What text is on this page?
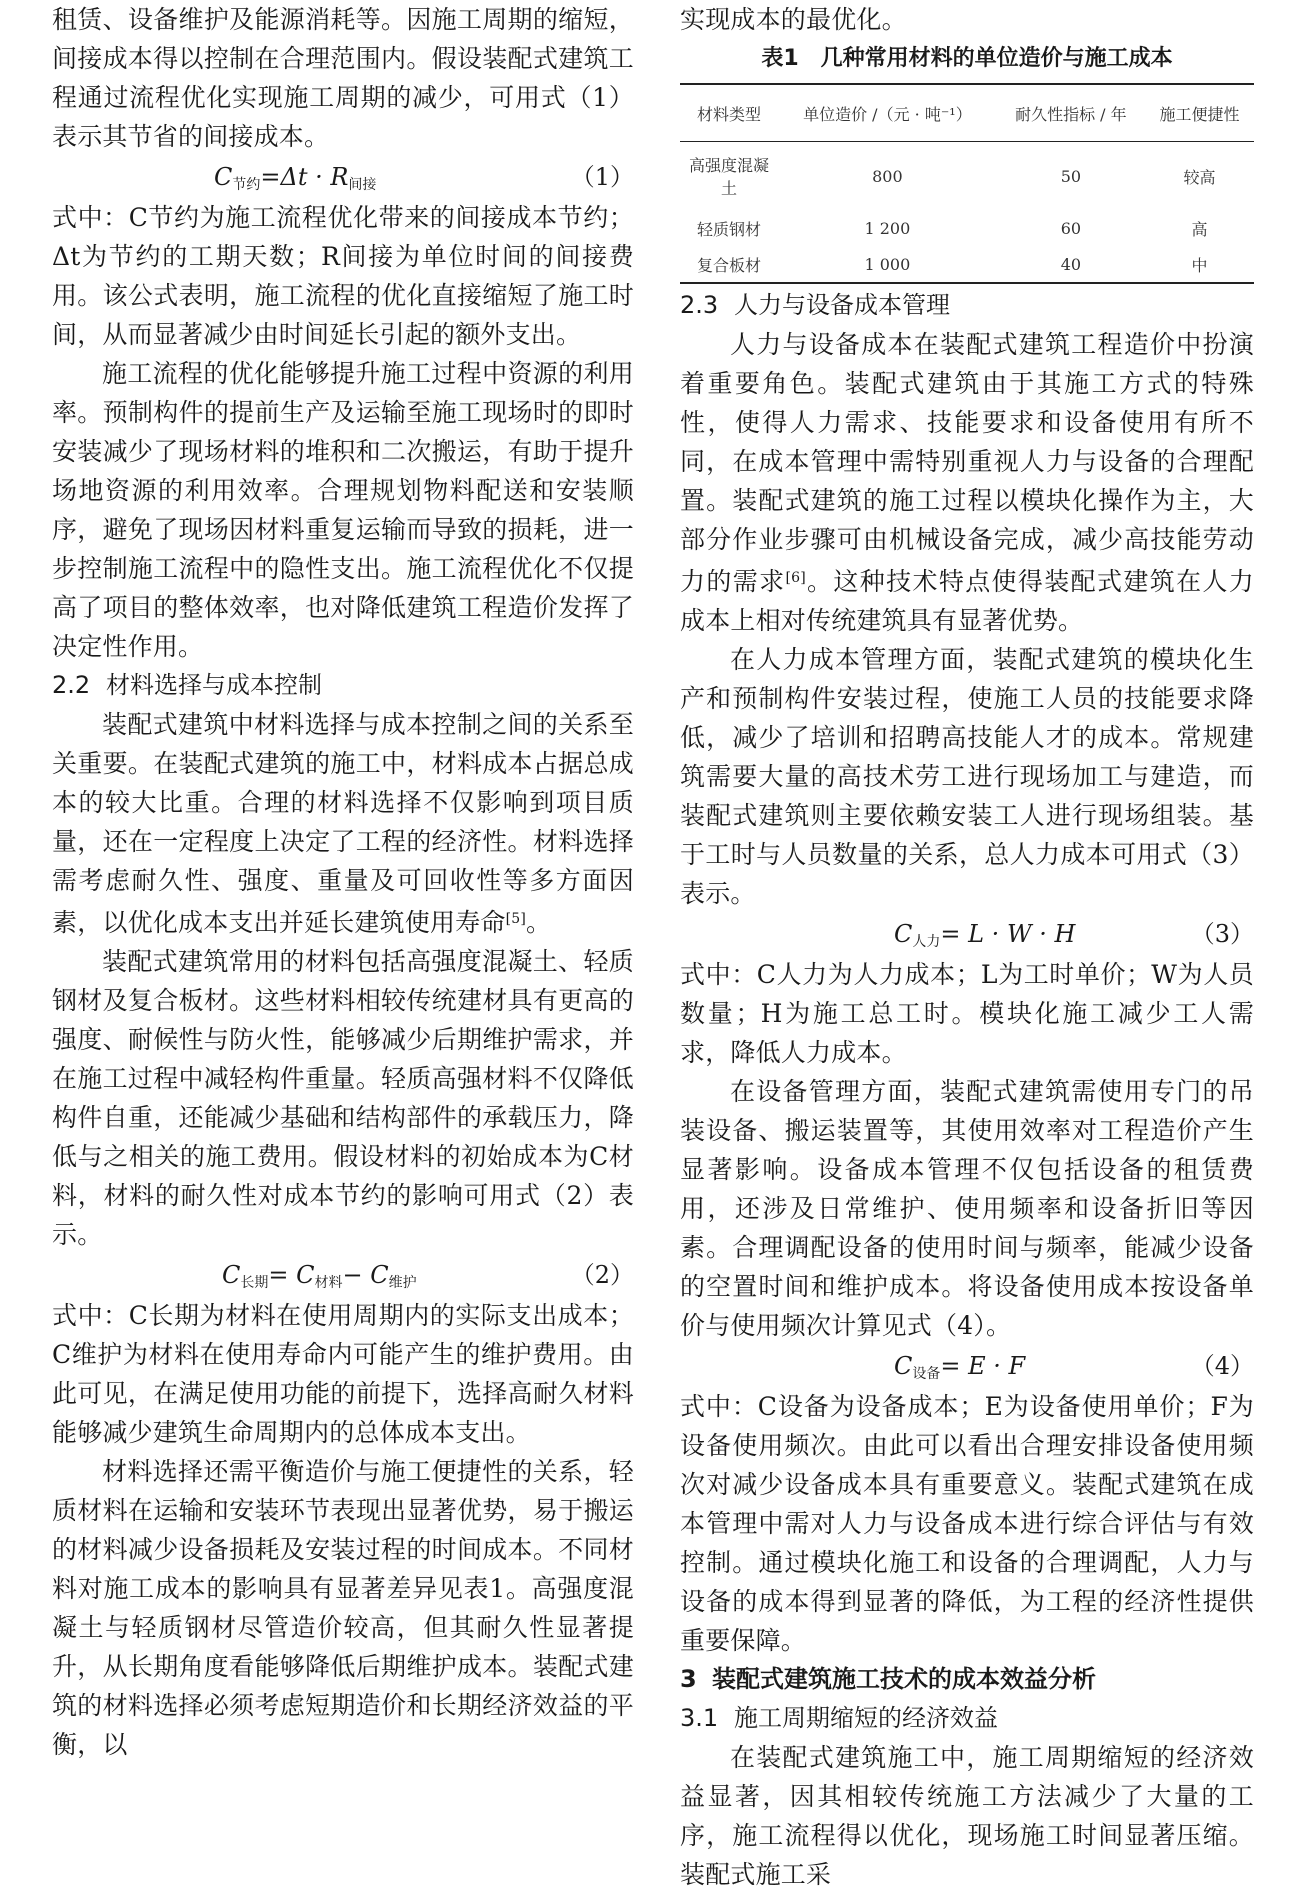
租赁、设备维护及能源消耗等。因施工周期的缩短，间接成本得以控制在合理范围内。假设装配式建筑工程通过流程优化实现施工周期的减少，可用式（1）表示其节省的间接成本。

$C_{节约}=\Delta t \cdot R_{间接}$	（1）

式中：C节约为施工流程优化带来的间接成本节约；Δt为节约的工期天数；R间接为单位时间的间接费用。该公式表明，施工流程的优化直接缩短了施工时间，从而显著减少由时间延长引起的额外支出。

施工流程的优化能够提升施工过程中资源的利用率。预制构件的提前生产及运输至施工现场时的即时安装减少了现场材料的堆积和二次搬运，有助于提升场地资源的利用效率。合理规划物料配送和安装顺序，避免了现场因材料重复运输而导致的损耗，进一步控制施工流程中的隐性支出。施工流程优化不仅提高了项目的整体效率，也对降低建筑工程造价发挥了决定性作用。

2.2 材料选择与成本控制

装配式建筑中材料选择与成本控制之间的关系至关重要。在装配式建筑的施工中，材料成本占据总成本的较大比重。合理的材料选择不仅影响到项目质量，还在一定程度上决定了工程的经济性。材料选择需考虑耐久性、强度、重量及可回收性等多方面因素，以优化成本支出并延长建筑使用寿命[5]。

装配式建筑常用的材料包括高强度混凝土、轻质钢材及复合板材。这些材料相较传统建材具有更高的强度、耐候性与防火性，能够减少后期维护需求，并在施工过程中减轻构件重量。轻质高强材料不仅降低构件自重，还能减少基础和结构部件的承载压力，降低与之相关的施工费用。假设材料的初始成本为C材料，材料的耐久性对成本节约的影响可用式（2）表示。

$C_{长期}= C_{材料}- C_{维护}$	（2）

式中：C长期为材料在使用周期内的实际支出成本；C维护为材料在使用寿命内可能产生的维护费用。由此可见，在满足使用功能的前提下，选择高耐久材料能够减少建筑生命周期内的总体成本支出。

材料选择还需平衡造价与施工便捷性的关系，轻质材料在运输和安装环节表现出显著优势，易于搬运的材料减少设备损耗及安装过程的时间成本。不同材料对施工成本的影响具有显著差异见表1。高强度混凝土与轻质钢材尽管造价较高，但其耐久性显著提升，从长期角度看能够降低后期维护成本。装配式建筑的材料选择必须考虑短期造价和长期经济效益的平衡，以

实现成本的最优化。

表1　几种常用材料的单位造价与施工成本
材料类型	单位造价 /（元 · 吨⁻¹）	耐久性指标 / 年	施工便捷性
高强度混凝土	800	50	较高
轻质钢材	1 200	60	高
复合板材	1 000	40	中
2.3 人力与设备成本管理

人力与设备成本在装配式建筑工程造价中扮演着重要角色。装配式建筑由于其施工方式的特殊性，使得人力需求、技能要求和设备使用有所不同，在成本管理中需特别重视人力与设备的合理配置。装配式建筑的施工过程以模块化操作为主，大部分作业步骤可由机械设备完成，减少高技能劳动力的需求[6]。这种技术特点使得装配式建筑在人力成本上相对传统建筑具有显著优势。

在人力成本管理方面，装配式建筑的模块化生产和预制构件安装过程，使施工人员的技能要求降低，减少了培训和招聘高技能人才的成本。常规建筑需要大量的高技术劳工进行现场加工与建造，而装配式建筑则主要依赖安装工人进行现场组装。基于工时与人员数量的关系，总人力成本可用式（3）表示。

$C_{人力}= L \cdot W \cdot H$	（3）

式中：C人力为人力成本；L为工时单价；W为人员数量；H为施工总工时。模块化施工减少工人需求，降低人力成本。

在设备管理方面，装配式建筑需使用专门的吊装设备、搬运装置等，其使用效率对工程造价产生显著影响。设备成本管理不仅包括设备的租赁费用，还涉及日常维护、使用频率和设备折旧等因素。合理调配设备的使用时间与频率，能减少设备的空置时间和维护成本。将设备使用成本按设备单价与使用频次计算见式（4）。

$C_{设备}= E \cdot F$	（4）

式中：C设备为设备成本；E为设备使用单价；F为设备使用频次。由此可以看出合理安排设备使用频次对减少设备成本具有重要意义。装配式建筑在成本管理中需对人力与设备成本进行综合评估与有效控制。通过模块化施工和设备的合理调配，人力与设备的成本得到显著的降低，为工程的经济性提供重要保障。

3 装配式建筑施工技术的成本效益分析
3.1 施工周期缩短的经济效益

在装配式建筑施工中，施工周期缩短的经济效益显著，因其相较传统施工方法减少了大量的工序，施工流程得以优化，现场施工时间显著压缩。装配式施工采
